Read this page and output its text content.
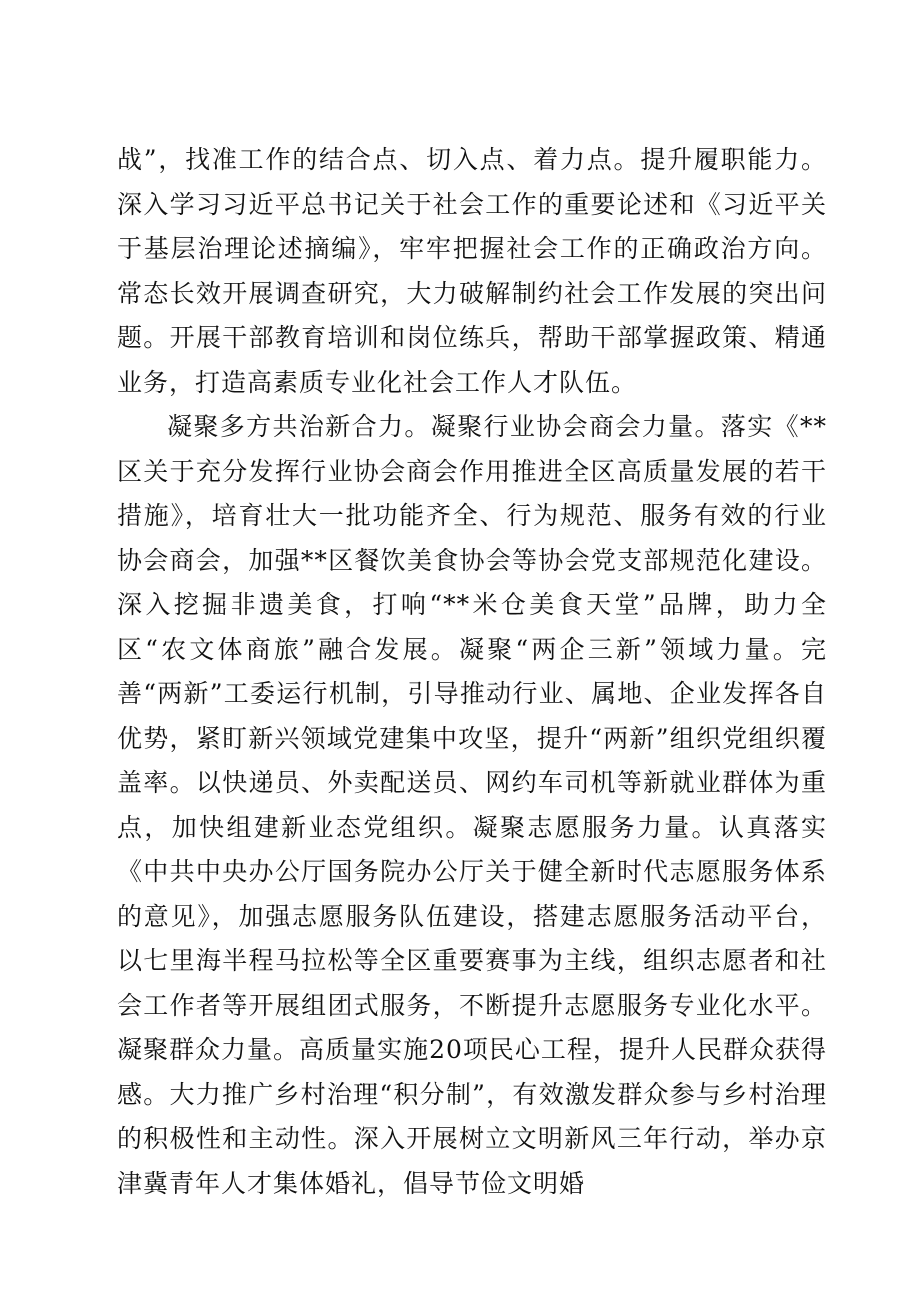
战”，找准工作的结合点、切入点、着力点。提升履职能力。深入学习习近平总书记关于社会工作的重要论述和《习近平关于基层治理论述摘编》，牢牢把握社会工作的正确政治方向。常态长效开展调查研究，大力破解制约社会工作发展的突出问题。开展干部教育培训和岗位练兵，帮助干部掌握政策、精通业务，打造高素质专业化社会工作人才队伍。

凝聚多方共治新合力。凝聚行业协会商会力量。落实《**区关于充分发挥行业协会商会作用推进全区高质量发展的若干措施》，培育壮大一批功能齐全、行为规范、服务有效的行业协会商会，加强**区餐饮美食协会等协会党支部规范化建设。深入挖掘非遗美食，打响“**米仓美食天堂”品牌，助力全区“农文体商旅”融合发展。凝聚“两企三新”领域力量。完善“两新”工委运行机制，引导推动行业、属地、企业发挥各自优势，紧盯新兴领域党建集中攻坚，提升“两新”组织党组织覆盖率。以快递员、外卖配送员、网约车司机等新就业群体为重点，加快组建新业态党组织。凝聚志愿服务力量。认真落实《中共中央办公厅国务院办公厅关于健全新时代志愿服务体系的意见》，加强志愿服务队伍建设，搭建志愿服务活动平台，以七里海半程马拉松等全区重要赛事为主线，组织志愿者和社会工作者等开展组团式服务，不断提升志愿服务专业化水平。凝聚群众力量。高质量实施20项民心工程，提升人民群众获得感。大力推广乡村治理“积分制”，有效激发群众参与乡村治理的积极性和主动性。深入开展树立文明新风三年行动，举办京津冀青年人才集体婚礼，倡导节俭文明婚
